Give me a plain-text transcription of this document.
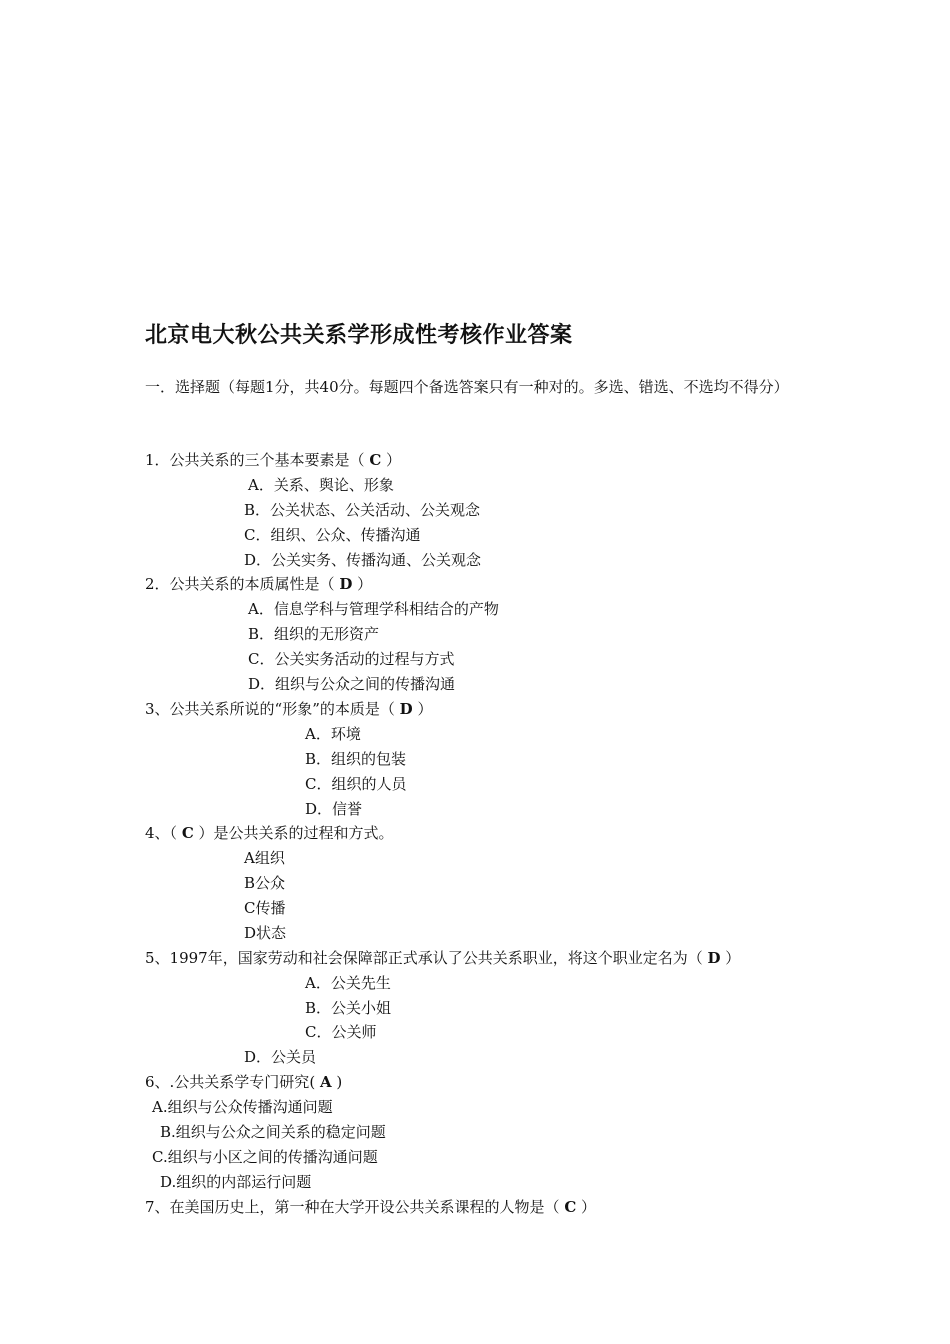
北京电大秋公共关系学形成性考核作业答案

一．选择题（每题1分，共40分。每题四个备选答案只有一种对的。多选、错选、不选均不得分）

1．公共关系的三个基本要素是（ C ）
A．关系、舆论、形象
B．公关状态、公关活动、公关观念
C．组织、公众、传播沟通
D．公关实务、传播沟通、公关观念
2．公共关系的本质属性是（ D ）
A．信息学科与管理学科相结合的产物
B．组织的无形资产
C．公关实务活动的过程与方式
D．组织与公众之间的传播沟通
3、公共关系所说的“形象”的本质是（ D ）
A．环境
B．组织的包装
C．组织的人员
D．信誉
4、（ C ）是公共关系的过程和方式。
A组织
B公众
C传播
D状态
5、1997年，国家劳动和社会保障部正式承认了公共关系职业，将这个职业定名为（ D ）
A．公关先生
B．公关小姐
C．公关师
D．公关员
6、.公共关系学专门研究( A )
A.组织与公众传播沟通问题
B.组织与公众之间关系的稳定问题
C.组织与小区之间的传播沟通问题
D.组织的内部运行问题
7、在美国历史上，第一种在大学开设公共关系课程的人物是（ C ）
